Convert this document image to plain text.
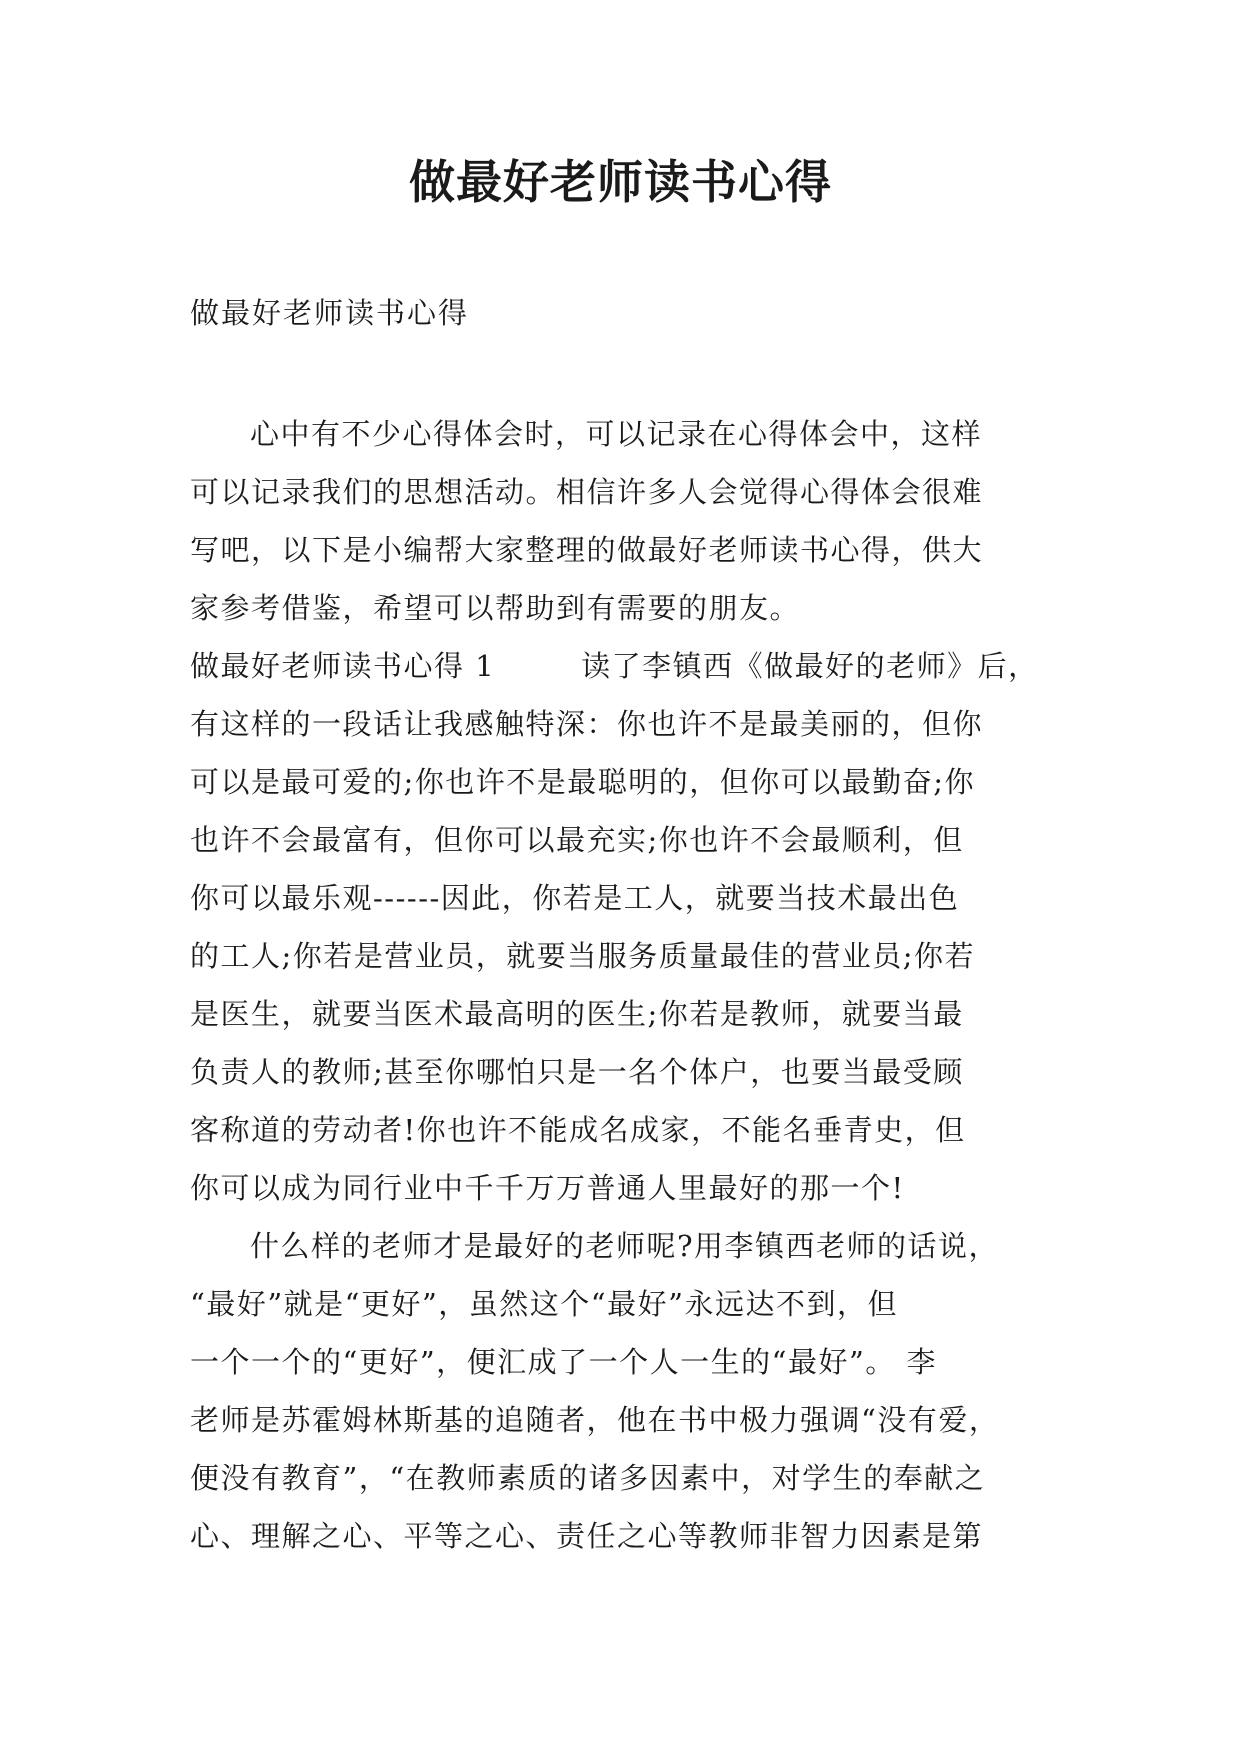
做最好老师读书心得

做最好老师读书心得

心中有不少心得体会时，可以记录在心得体会中，这样
可以记录我们的思想活动。相信许多人会觉得心得体会很难
写吧，以下是小编帮大家整理的做最好老师读书心得，供大
家参考借鉴，希望可以帮助到有需要的朋友。
做最好老师读书心得 1	读了李镇西《做最好的老师》后，
有这样的一段话让我感触特深：你也许不是最美丽的，但你
可以是最可爱的;你也许不是最聪明的，但你可以最勤奋;你
也许不会最富有，但你可以最充实;你也许不会最顺利，但
你可以最乐观------因此，你若是工人，就要当技术最出色
的工人;你若是营业员，就要当服务质量最佳的营业员;你若
是医生，就要当医术最高明的医生;你若是教师，就要当最
负责人的教师;甚至你哪怕只是一名个体户，也要当最受顾
客称道的劳动者!你也许不能成名成家，不能名垂青史，但
你可以成为同行业中千千万万普通人里最好的那一个!
什么样的老师才是最好的老师呢?用李镇西老师的话说，
“最好”就是“更好”，虽然这个“最好”永远达不到，但
一个一个的“更好”，便汇成了一个人一生的“最好”。 李
老师是苏霍姆林斯基的追随者，他在书中极力强调“没有爱，
便没有教育”，“在教师素质的诸多因素中，对学生的奉献之
心、理解之心、平等之心、责任之心等教师非智力因素是第
